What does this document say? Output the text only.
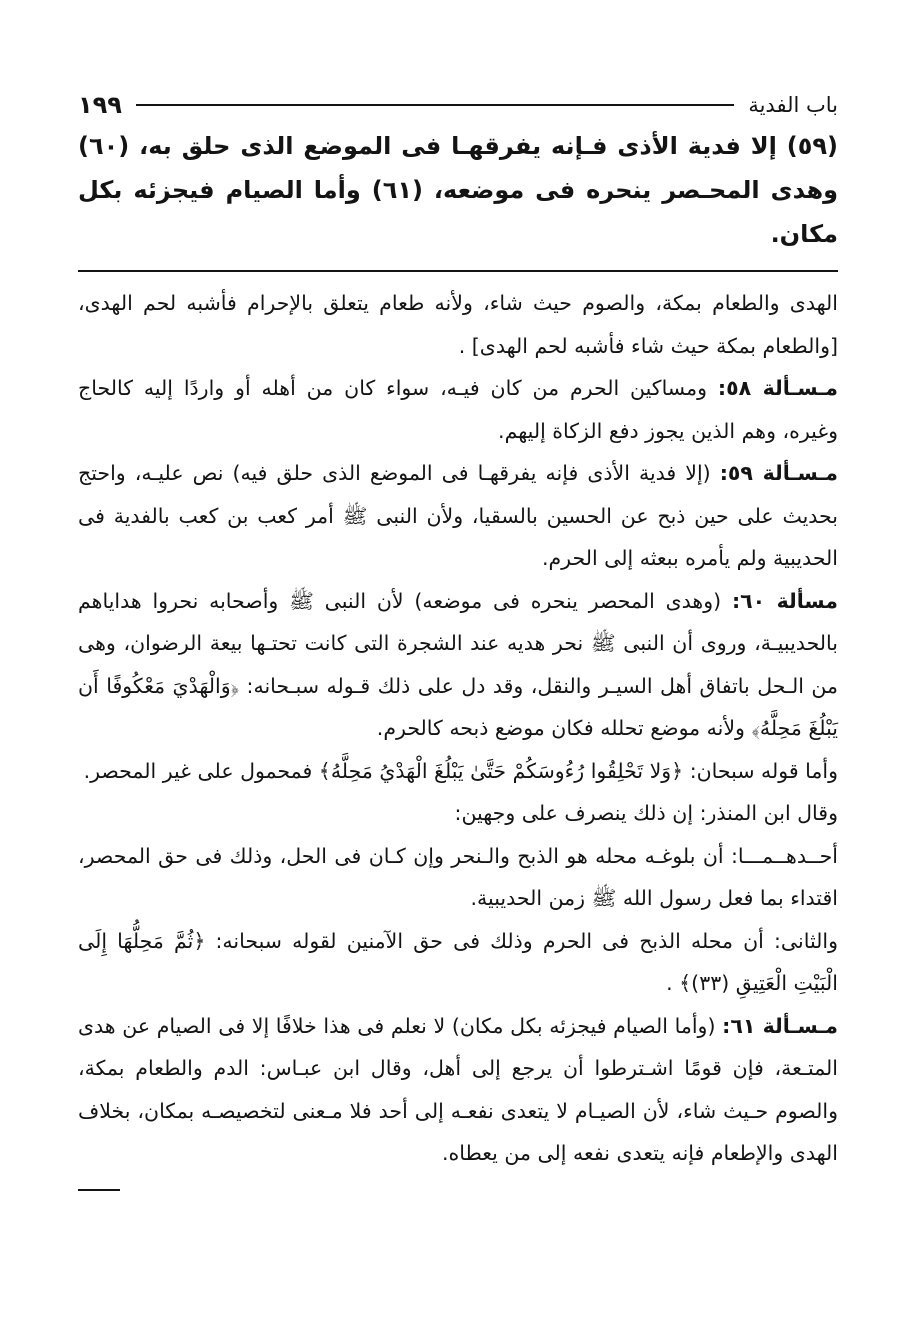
باب الفدية
١٩٩

(٥٩) إلا فدية الأذى فـإنه يفرقهـا فى الموضع الذى حلق به، (٦٠) وهدى المحـصر ينحره فى موضعه، (٦١) وأما الصيام فيجزئه بكل مكان.

الهدى والطعام بمكة، والصوم حيث شاء، ولأنه طعام يتعلق بالإحرام فأشبه لحم الهدى، [والطعام بمكة حيث شاء فأشبه لحم الهدى] .

مـسـألة ٥٨: ومساكين الحرم من كان فيـه، سواء كان من أهله أو واردًا إليه كالحاج وغيره، وهم الذين يجوز دفع الزكاة إليهم.

مـسـألة ٥٩: (إلا فدية الأذى فإنه يفرقهـا فى الموضع الذى حلق فيه) نص عليـه، واحتج بحديث على حين ذبح عن الحسين بالسقيا، ولأن النبى ﷺ أمر كعب بن كعب بالفدية فى الحديبية ولم يأمره ببعثه إلى الحرم.

مسألة ٦٠: (وهدى المحصر ينحره فى موضعه) لأن النبى ﷺ وأصحابه نحروا هداياهم بالحديبيـة، وروى أن النبى ﷺ نحر هديه عند الشجرة التى كانت تحتـها بيعة الرضوان، وهى من الـحل باتفاق أهل السيـر والنقل، وقد دل على ذلك قـوله سبـحانه: ﴿وَالْهَدْيَ مَعْكُوفًا أَن يَبْلُغَ مَحِلَّهُ﴾ ولأنه موضع تحلله فكان موضع ذبحه كالحرم.

وأما قوله سبحان: ﴿وَلا تَحْلِقُوا رُءُوسَكُمْ حَتَّىٰ يَبْلُغَ الْهَدْيُ مَحِلَّهُ﴾ فمحمول على غير المحصر.

وقال ابن المنذر: إن ذلك ينصرف على وجهين:

أحــدهــمـــا: أن بلوغـه محله هو الذبح والـنحر وإن كـان فى الحل، وذلك فى حق المحصر، اقتداء بما فعل رسول الله ﷺ زمن الحديبية.

والثانى: أن محله الذبح فى الحرم وذلك فى حق الآمنين لقوله سبحانه: ﴿ثُمَّ مَحِلُّهَا إِلَى الْبَيْتِ الْعَتِيقِ (٣٣)﴾ .

مـسـألة ٦١: (وأما الصيام فيجزئه بكل مكان) لا نعلم فى هذا خلافًا إلا فى الصيام عن هدى المتـعة، فإن قومًا اشـترطوا أن يرجع إلى أهل، وقال ابن عبـاس: الدم والطعام بمكة، والصوم حـيث شاء، لأن الصيـام لا يتعدى نفعـه إلى أحد فلا مـعنى لتخصيصـه بمكان، بخلاف الهدى والإطعام فإنه يتعدى نفعه إلى من يعطاه.
